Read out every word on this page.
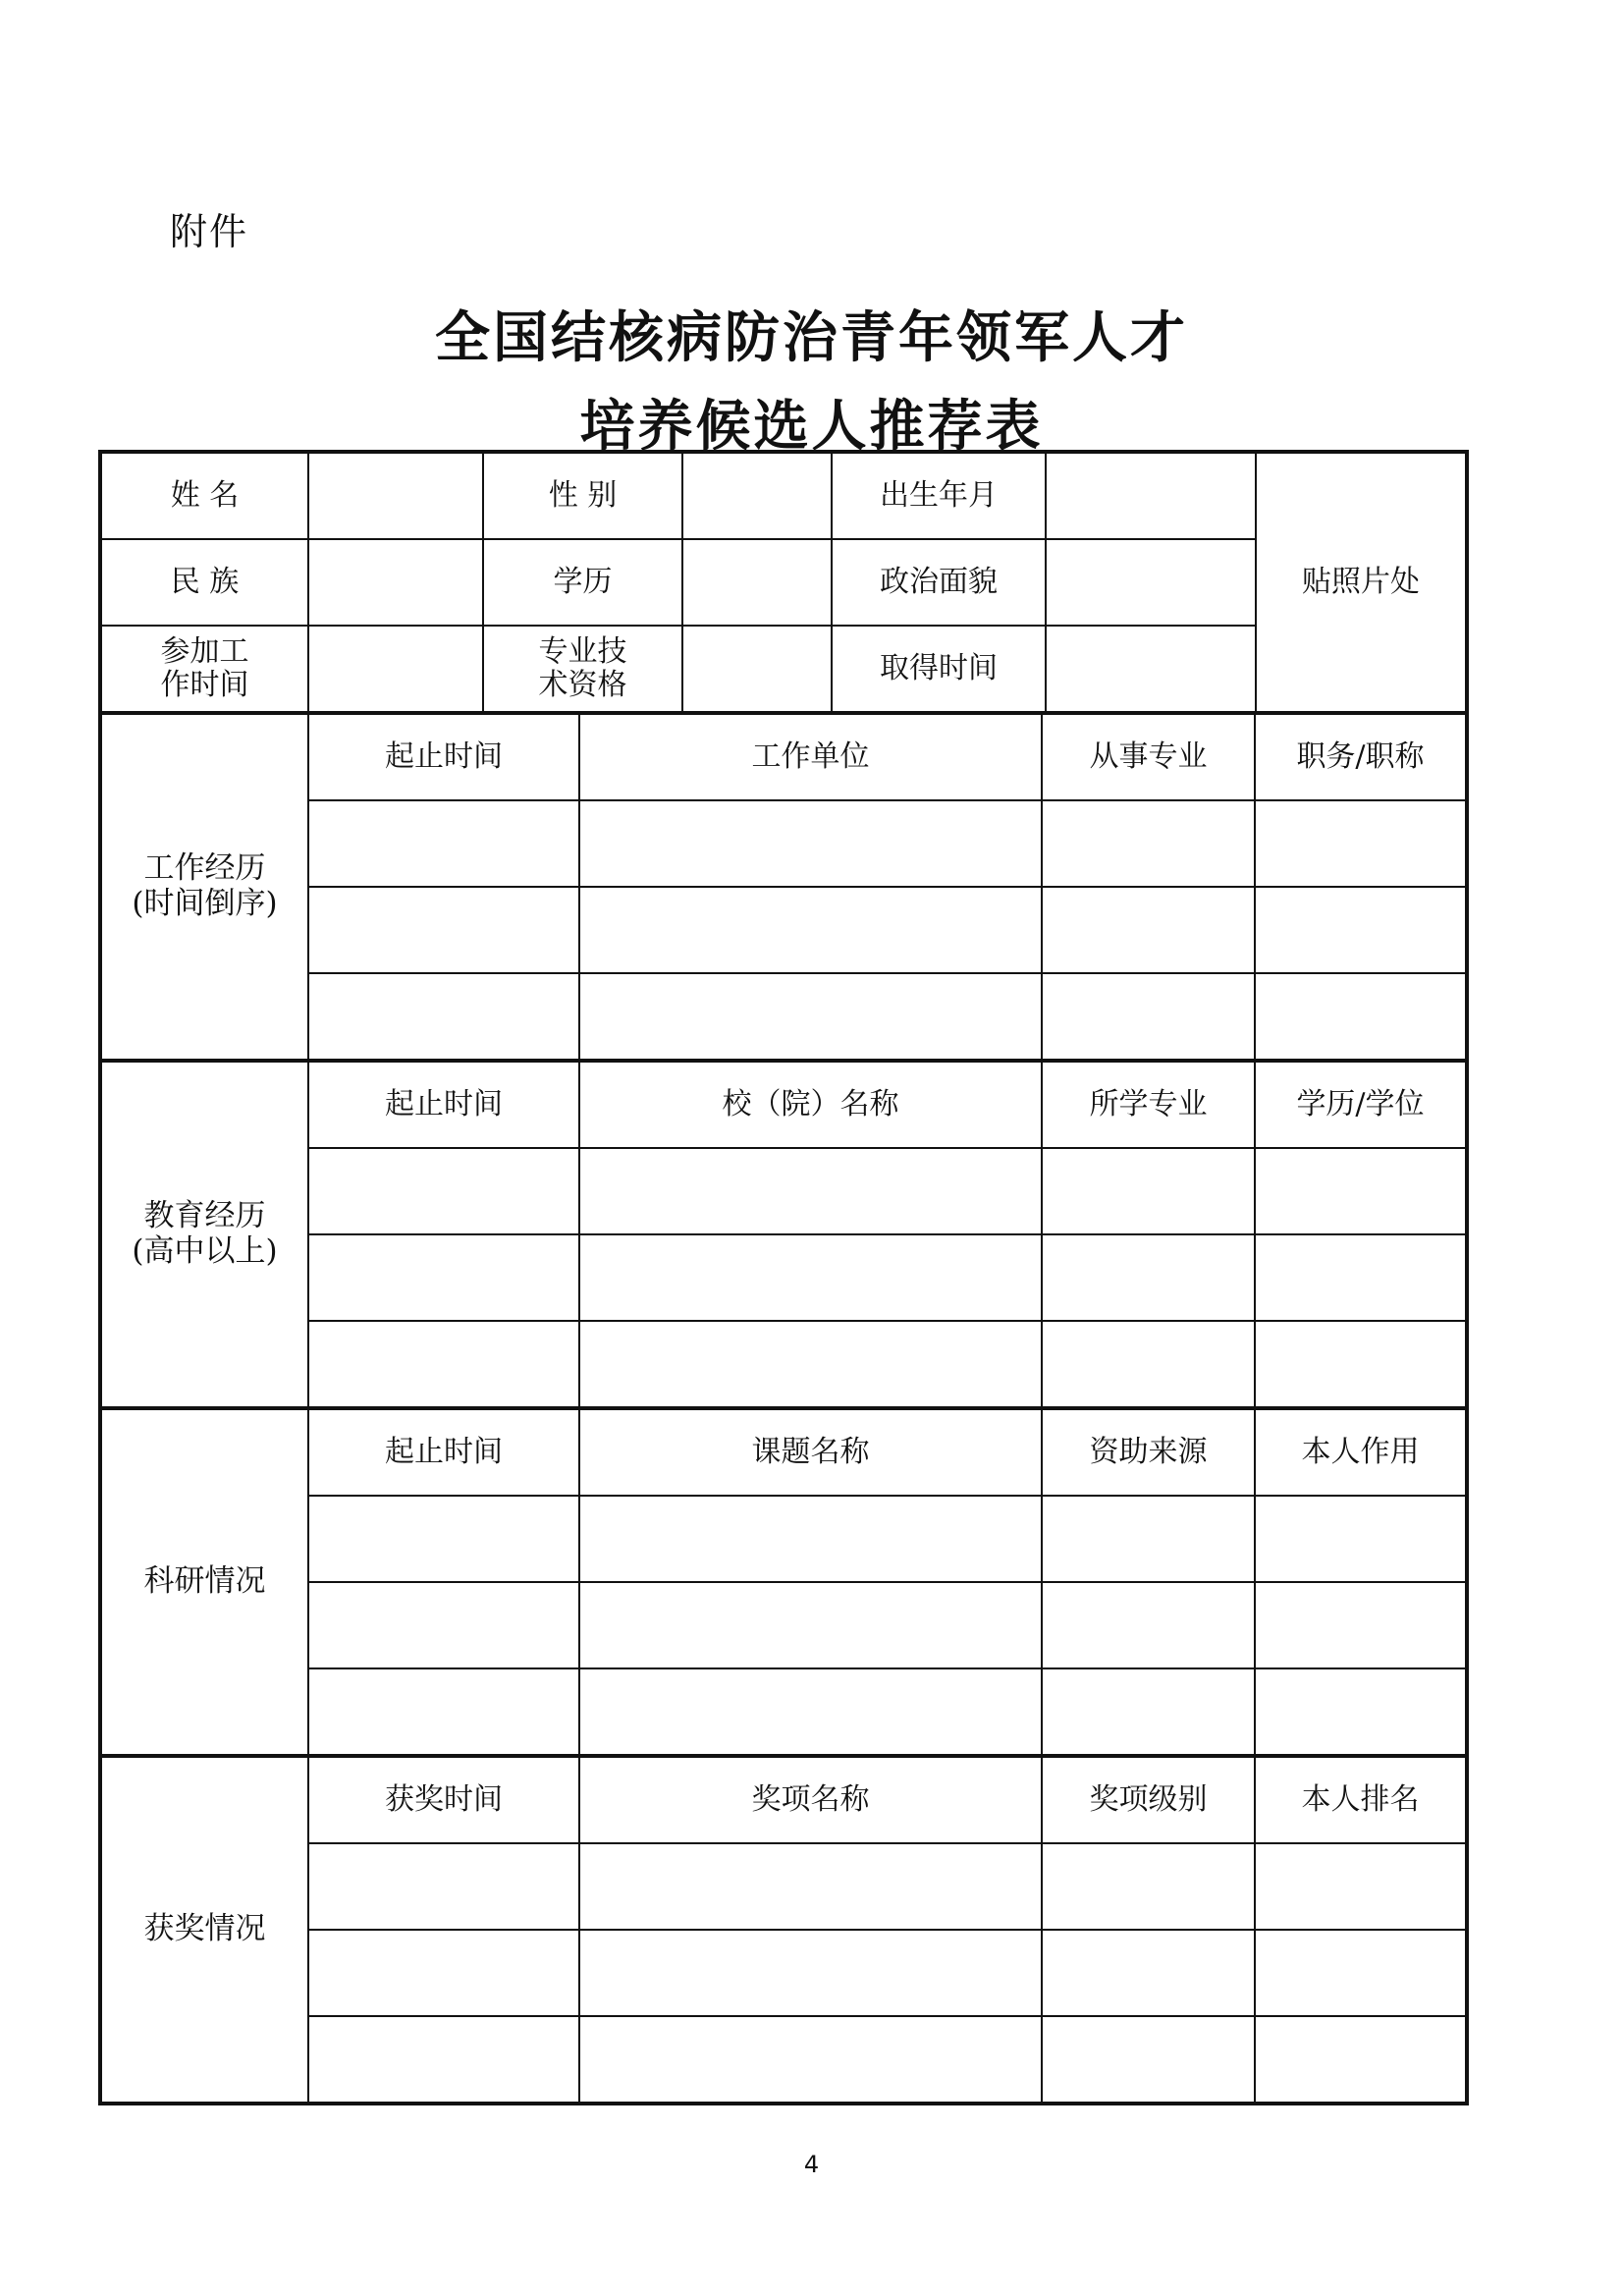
附件
全国结核病防治青年领军人才
培养候选人推荐表
姓 名		性 别		出生年月		贴照片处
民 族		学历		政治面貌		
参加工作时间		专业技术资格		取得时间		
工作经历
(时间倒序)	起止时间	工作单位	从事专业	职务/职称

教育经历
(高中以上)	起止时间	校（院）名称	所学专业	学历/学位

科研情况	起止时间	课题名称	资助来源	本人作用

获奖情况	获奖时间	奖项名称	奖项级别	本人排名

4
